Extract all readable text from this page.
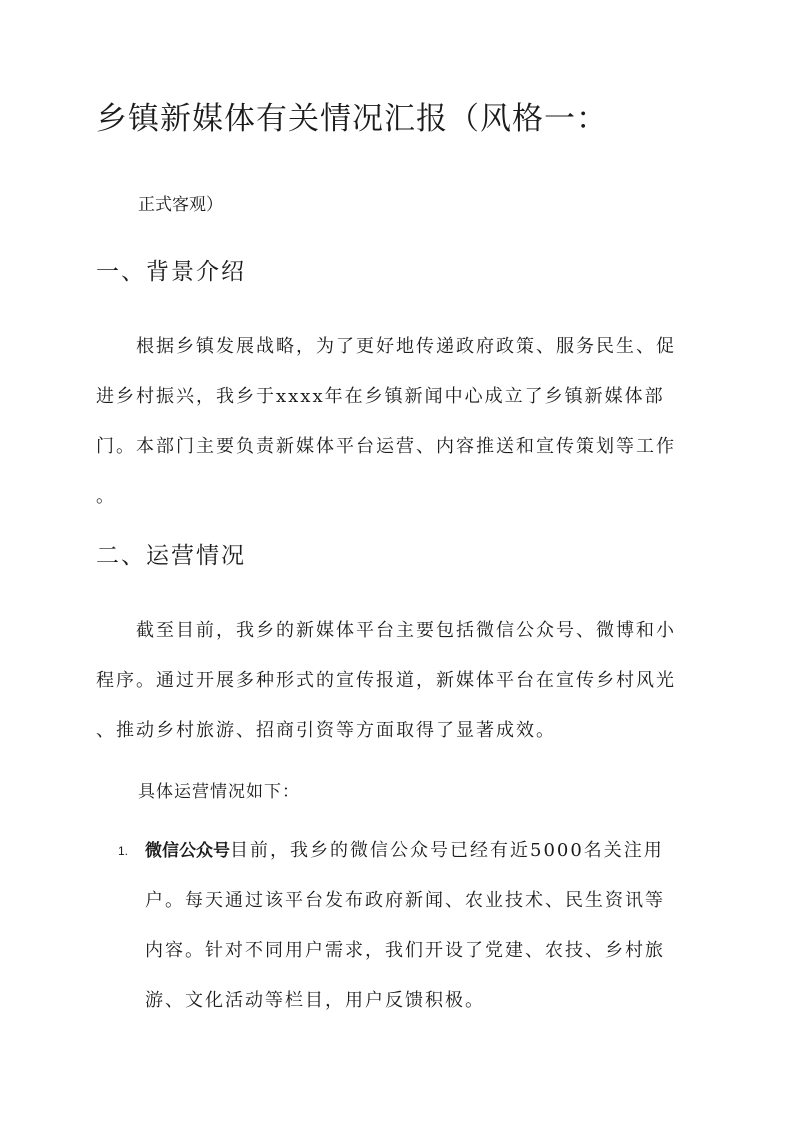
乡镇新媒体有关情况汇报（风格一：

正式客观）

一、背景介绍
　　根据乡镇发展战略，为了更好地传递政府政策、服务民生、促
进乡村振兴，我乡于xxxx年在乡镇新闻中心成立了乡镇新媒体部
门。本部门主要负责新媒体平台运营、内容推送和宣传策划等工作
。
二、运营情况
　　截至目前，我乡的新媒体平台主要包括微信公众号、微博和小
程序。通过开展多种形式的宣传报道，新媒体平台在宣传乡村风光
、推动乡村旅游、招商引资等方面取得了显著成效。

具体运营情况如下：

1. 微信公众号目前，我乡的微信公众号已经有近5000名关注用
户。每天通过该平台发布政府新闻、农业技术、民生资讯等
内容。针对不同用户需求，我们开设了党建、农技、乡村旅
游、文化活动等栏目，用户反馈积极。
